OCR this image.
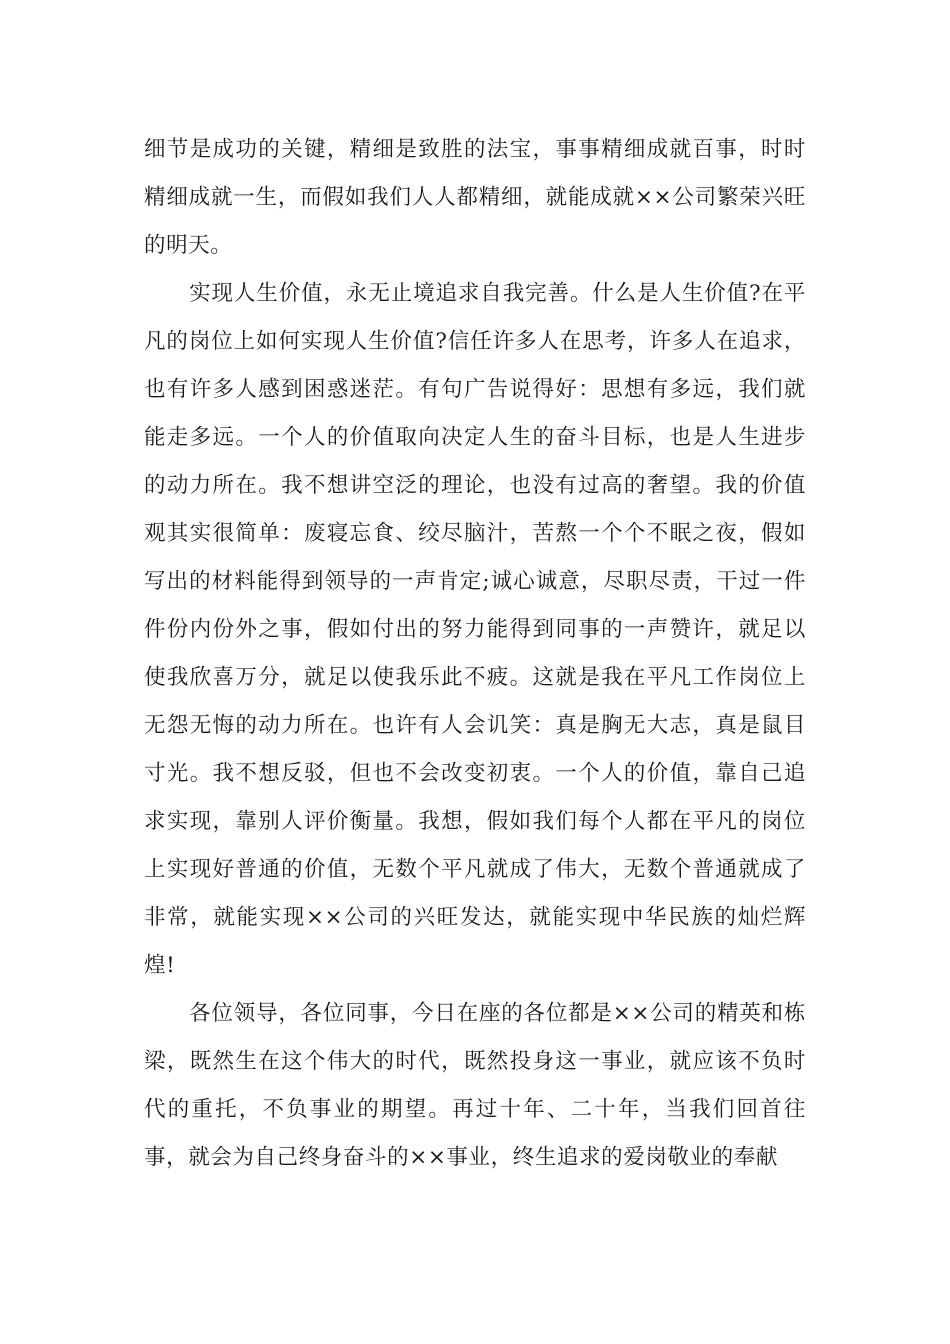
细节是成功的关键，精细是致胜的法宝，事事精细成就百事，时时精细成就一生，而假如我们人人都精细，就能成就××公司繁荣兴旺的明天。

实现人生价值，永无止境追求自我完善。什么是人生价值?在平凡的岗位上如何实现人生价值?信任许多人在思考，许多人在追求，也有许多人感到困惑迷茫。有句广告说得好：思想有多远，我们就能走多远。一个人的价值取向决定人生的奋斗目标，也是人生进步的动力所在。我不想讲空泛的理论，也没有过高的奢望。我的价值观其实很简单：废寝忘食、绞尽脑汁，苦熬一个个不眠之夜，假如写出的材料能得到领导的一声肯定;诚心诚意，尽职尽责，干过一件件份内份外之事，假如付出的努力能得到同事的一声赞许，就足以使我欣喜万分，就足以使我乐此不疲。这就是我在平凡工作岗位上无怨无悔的动力所在。也许有人会讥笑：真是胸无大志，真是鼠目寸光。我不想反驳，但也不会改变初衷。一个人的价值，靠自己追求实现，靠别人评价衡量。我想，假如我们每个人都在平凡的岗位上实现好普通的价值，无数个平凡就成了伟大，无数个普通就成了非常，就能实现××公司的兴旺发达，就能实现中华民族的灿烂辉煌!

各位领导，各位同事，今日在座的各位都是××公司的精英和栋梁，既然生在这个伟大的时代，既然投身这一事业，就应该不负时代的重托，不负事业的期望。再过十年、二十年，当我们回首往事，就会为自己终身奋斗的××事业，终生追求的爱岗敬业的奉献
